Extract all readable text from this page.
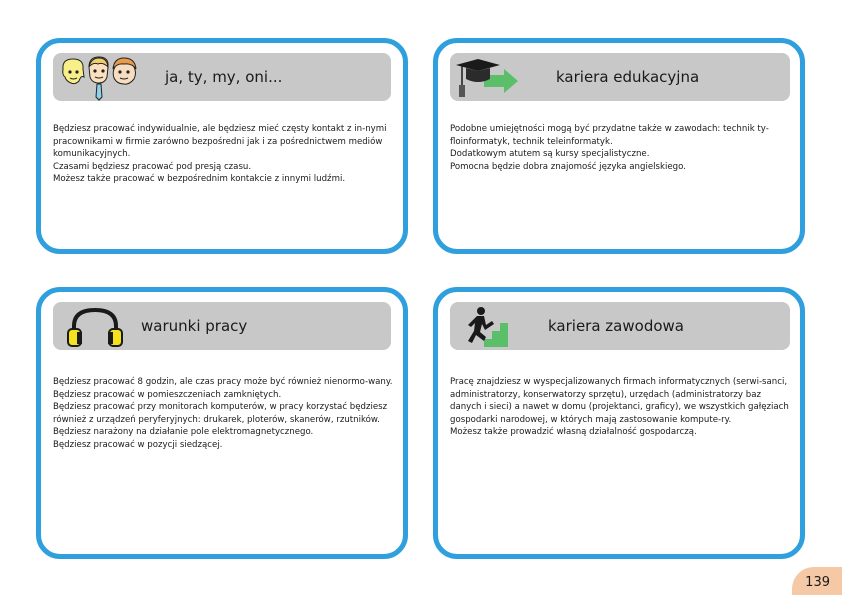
ja, ty, my, oni...

Będziesz pracować indywidualnie, ale będziesz mieć częsty kontakt z in-nymi pracownikami w firmie zarówno bezpośredni jak i za pośrednictwem mediów komunikacyjnych.

Czasami będziesz pracować pod presją czasu.

Możesz także pracować w bezpośrednim kontakcie z innymi ludźmi.

kariera edukacyjna

Podobne umiejętności mogą być przydatne także w zawodach: technik ty-floinformatyk, technik teleinformatyk.

Dodatkowym atutem są kursy specjalistyczne.

Pomocna będzie dobra znajomość języka angielskiego.

warunki pracy

Będziesz pracować 8 godzin, ale czas pracy może być również nienormo-wany.

Będziesz pracować w pomieszczeniach zamkniętych.

Będziesz pracować przy monitorach komputerów, w pracy korzystać będziesz również z urządzeń peryferyjnych: drukarek, ploterów, skanerów, rzutników.

Będziesz narażony na działanie pole elektromagnetycznego.

Będziesz pracować w pozycji siedzącej.

kariera zawodowa

Pracę znajdziesz w wyspecjalizowanych firmach informatycznych (serwi-sanci, administratorzy, konserwatorzy sprzętu), urzędach (administratorzy baz danych i sieci) a nawet w domu (projektanci, graficy), we wszystkich gałęziach gospodarki narodowej, w których mają zastosowanie kompute-ry.

Możesz także prowadzić własną działalność gospodarczą.

139
